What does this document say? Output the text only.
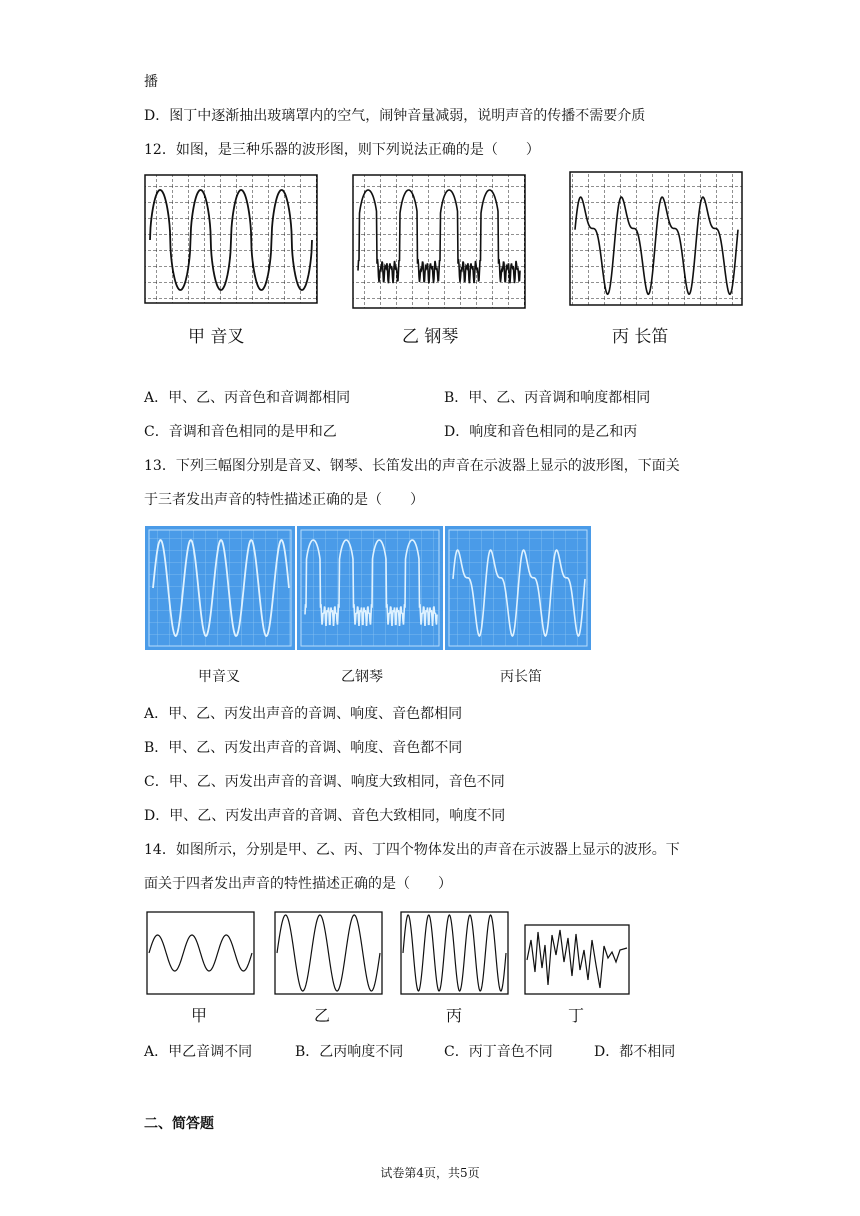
播
D．图丁中逐渐抽出玻璃罩内的空气，闹钟音量减弱，说明声音的传播不需要介质
12．如图，是三种乐器的波形图，则下列说法正确的是（　　）
甲 音叉	乙 钢琴	丙 长笛
A．甲、乙、丙音色和音调都相同	B．甲、乙、丙音调和响度都相同
C．音调和音色相同的是甲和乙	D．响度和音色相同的是乙和丙
13．下列三幅图分别是音叉、钢琴、长笛发出的声音在示波器上显示的波形图，下面关
于三者发出声音的特性描述正确的是（　　）
甲音叉	乙钢琴	丙长笛
A．甲、乙、丙发出声音的音调、响度、音色都相同
B．甲、乙、丙发出声音的音调、响度、音色都不同
C．甲、乙、丙发出声音的音调、响度大致相同，音色不同
D．甲、乙、丙发出声音的音调、音色大致相同，响度不同
14．如图所示，分别是甲、乙、丙、丁四个物体发出的声音在示波器上显示的波形。下
面关于四者发出声音的特性描述正确的是（　　）
甲	乙	丙	丁
A．甲乙音调不同	B．乙丙响度不同	C．丙丁音色不同	D．都不相同
二、简答题
试卷第4页，共5页
